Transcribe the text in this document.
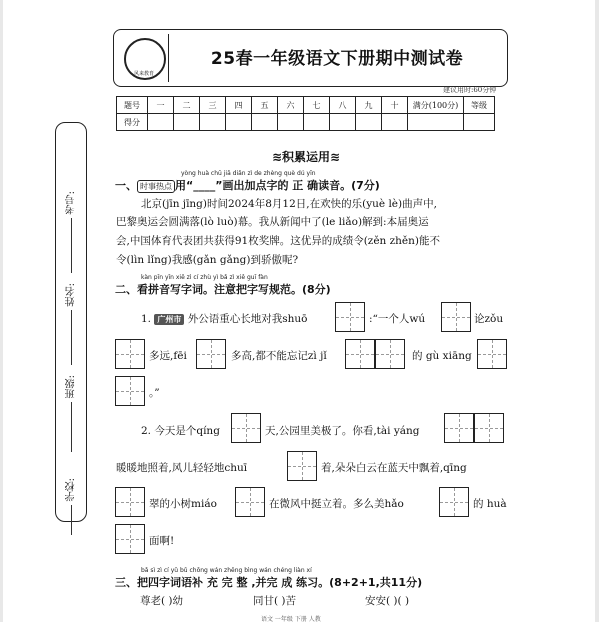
学校:
班级:
姓名:
考号:
风来教育
25春一年级语文下册期中测试卷
建议用时:60分钟
题号	一	二	三	四	五	六	七	八	九	十	满分(100分)	等级
得分												
≋积累运用≋
yòng huà chū jiā diǎn zì de zhèng què dú yīn
一、 时事热点 用“____”画出加点字的 正 确读音。(7分)
北京(jīn jīng)时间2024年8月12日,在欢快的乐(yuè lè)曲声中,
巴黎奥运会圆满落(lò luò)幕。我从新闻中了(le liǎo)解到:本届奥运
会,中国体育代表团共获得91枚奖牌。这优异的成绩令(zěn zhěn)能不
令(lìn lǐng)我感(gǎn gǎng)到骄傲呢?
kàn pīn yīn xiě zì cí zhù yì bǎ zì xiě guī fàn
二、看拼音写字词。注意把字写规范。(8分)
1. 广州市 外公语重心长地对我shuō	:“一个人wú	论zǒu
多远,fēi	多高,都不能忘记zì jǐ	的 gù xiāng
。”
2. 今天是个qíng	天,公园里美极了。你看,tài yáng
暖暖地照着,风儿轻轻地chuī	着,朵朵白云在蓝天中飘着,qīng
翠的小树miáo	在微风中挺立着。多么美hǎo	的 huà
面啊!
bǎ sì zì cí yǔ bǔ chōng wán zhěng bìng wán chéng liàn xí
三、把四字词语补 充 完 整 ,并完 成 练习。(8+2+1,共11分)
尊老( )幼	同甘( )苦	安安( )( )
语文 一年级 下册 人教
